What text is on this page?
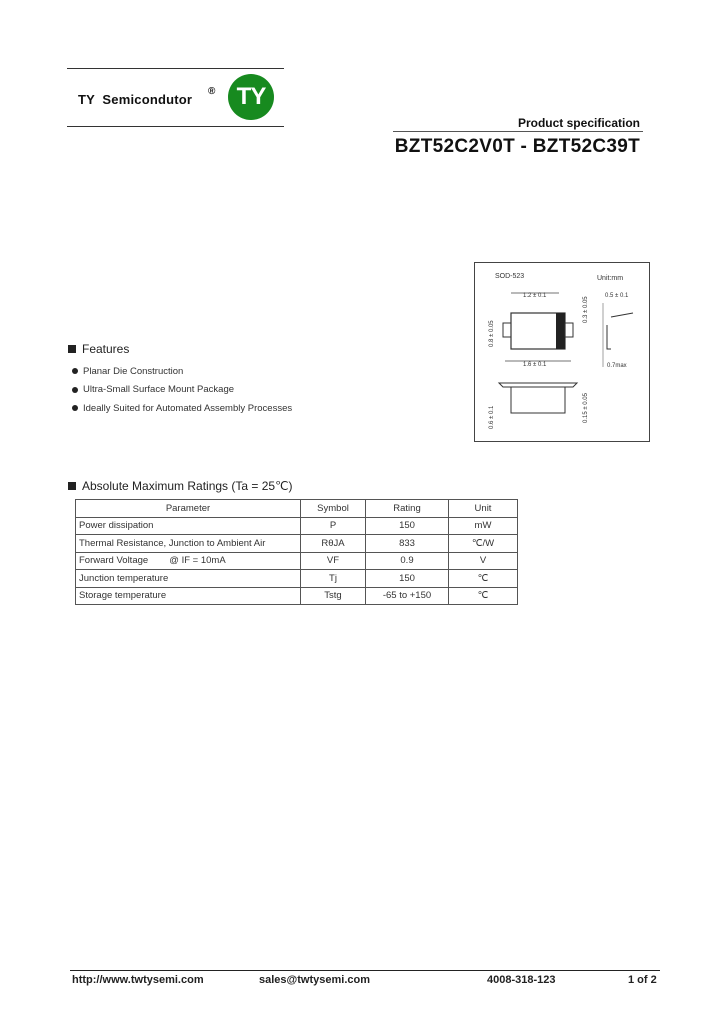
TY  Semicondutor
® TY
Product specification
BZT52C2V0T - BZT52C39T
SOD-523	Unit:mm
1.2 ± 0.1
0.8 ± 0.05
0.3 ± 0.05
1.6 ± 0.1
0.6 ± 0.1	0.15 ± 0.05
0.5 ± 0.1
0.7max
Features
Planar Die Construction
Ultra-Small Surface Mount Package
Ideally Suited for Automated Assembly Processes
Absolute Maximum Ratings (Ta = 25℃)
Parameter	Symbol	Rating	Unit
Power dissipation	P	150	mW
Thermal Resistance, Junction to Ambient Air	RθJA	833	℃/W
Forward Voltage        @ IF = 10mA	VF	0.9	V
Junction temperature	Tj	150	℃
Storage temperature	Tstg	-65 to +150	℃
http://www.twtysemi.com	sales@twtysemi.com	4008-318-123	1 of 2
